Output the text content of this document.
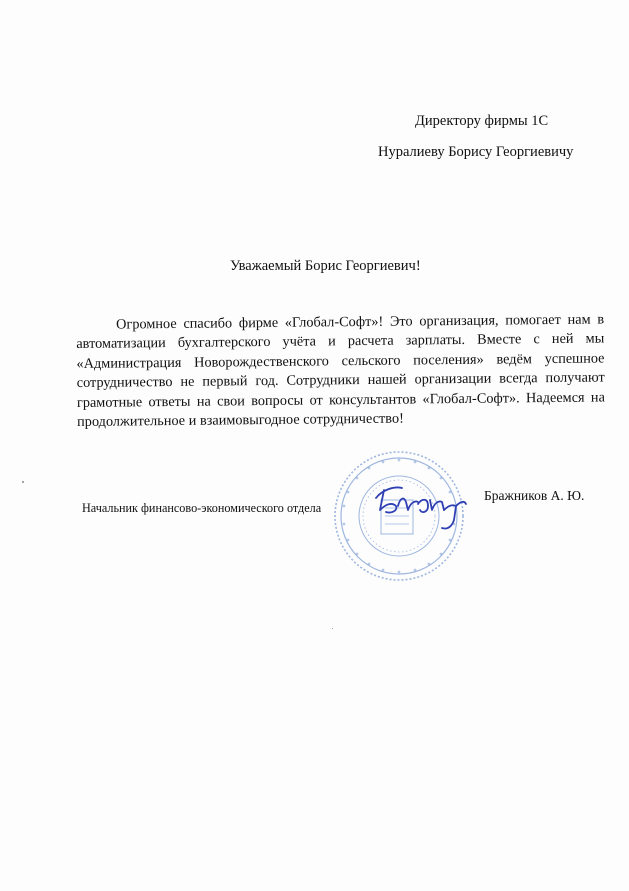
Директору фирмы 1С
Нуралиеву Борису Георгиевичу
Уважаемый Борис Георгиевич!
Огромное спасибо фирме «Глобал-Софт»! Это организация, помогает нам в автоматизации бухгалтерского учёта и расчета зарплаты. Вместе с ней мы «Администрация Новорождественского сельского поселения» ведём успешное сотрудничество не первый год. Сотрудники нашей организации всегда получают грамотные ответы на свои вопросы от консультантов «Глобал-Софт». Надеемся на продолжительное и взаимовыгодное сотрудничество!
Начальник финансово-экономического отдела
Бражников А. Ю.
